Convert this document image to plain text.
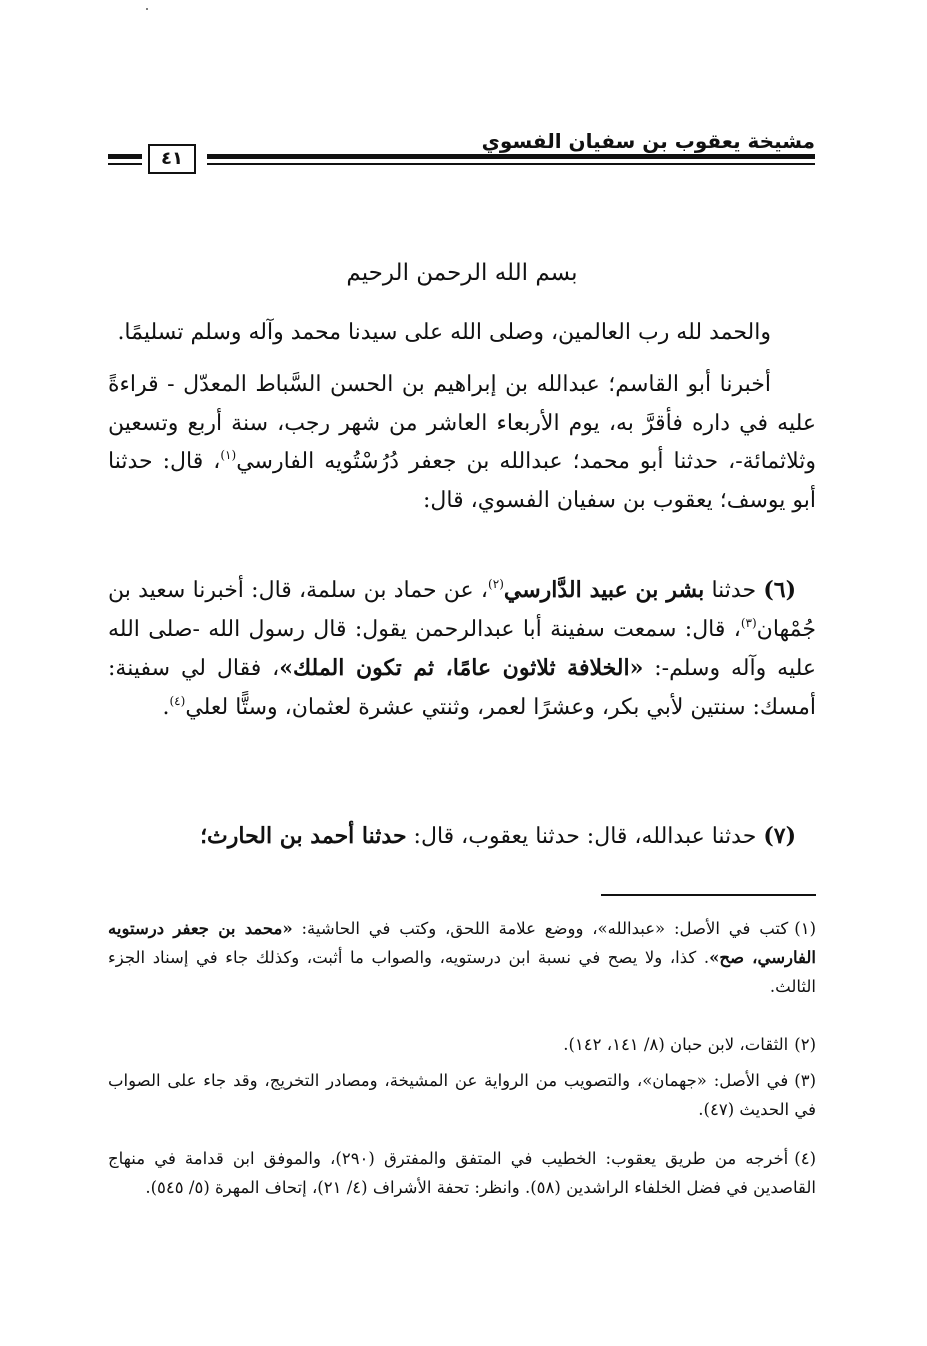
مشيخة يعقوب بن سفيان الفسوي
٤١
بسم الله الرحمن الرحيم
والحمد لله رب العالمين، وصلى الله على سيدنا محمد وآله وسلم تسليمًا.
أخبرنا أبو القاسم؛ عبدالله بن إبراهيم بن الحسن السَّباط المعدّل - قراءةً عليه في داره فأقرَّ به، يوم الأربعاء العاشر من شهر رجب، سنة أربع وتسعين وثلاثمائة-، حدثنا أبو محمد؛ عبدالله بن جعفر دُرُسْتُويه الفارسي$^{(١)}$، قال: حدثنا أبو يوسف؛ يعقوب بن سفيان الفسوي، قال:
(٦) حدثنا بشر بن عبيد الدَّارسي$^{(٢)}$، عن حماد بن سلمة، قال: أخبرنا سعيد بن جُمْهان$^{(٣)}$، قال: سمعت سفينة أبا عبدالرحمن يقول: قال رسول الله -صلى الله عليه وآله وسلم-: «الخلافة ثلاثون عامًا، ثم تكون الملك»، فقال لي سفينة: أمسك: سنتين لأبي بكر، وعشرًا لعمر، وثنتي عشرة لعثمان، وستًّا لعلي$^{(٤)}$.
(٧) حدثنا عبدالله، قال: حدثنا يعقوب، قال: حدثنا أحمد بن الحارث؛
(١)كتب في الأصل: «عبدالله»، ووضع علامة اللحق، وكتب في الحاشية: «محمد بن جعفر درستويه الفارسي، صح». كذا، ولا يصح في نسبة ابن درستويه، والصواب ما أثبت، وكذلك جاء في إسناد الجزء الثالث.
(٢)الثقات، لابن حبان (٨/ ١٤١، ١٤٢).
(٣)في الأصل: «جهمان»، والتصويب من الرواية عن المشيخة، ومصادر التخريج، وقد جاء على الصواب في الحديث (٤٧).
(٤)أخرجه من طريق يعقوب: الخطيب في المتفق والمفترق (٢٩٠)، والموفق ابن قدامة في منهاج القاصدين في فضل الخلفاء الراشدين (٥٨). وانظر: تحفة الأشراف (٤/ ٢١)، إتحاف المهرة (٥/ ٥٤٥).
